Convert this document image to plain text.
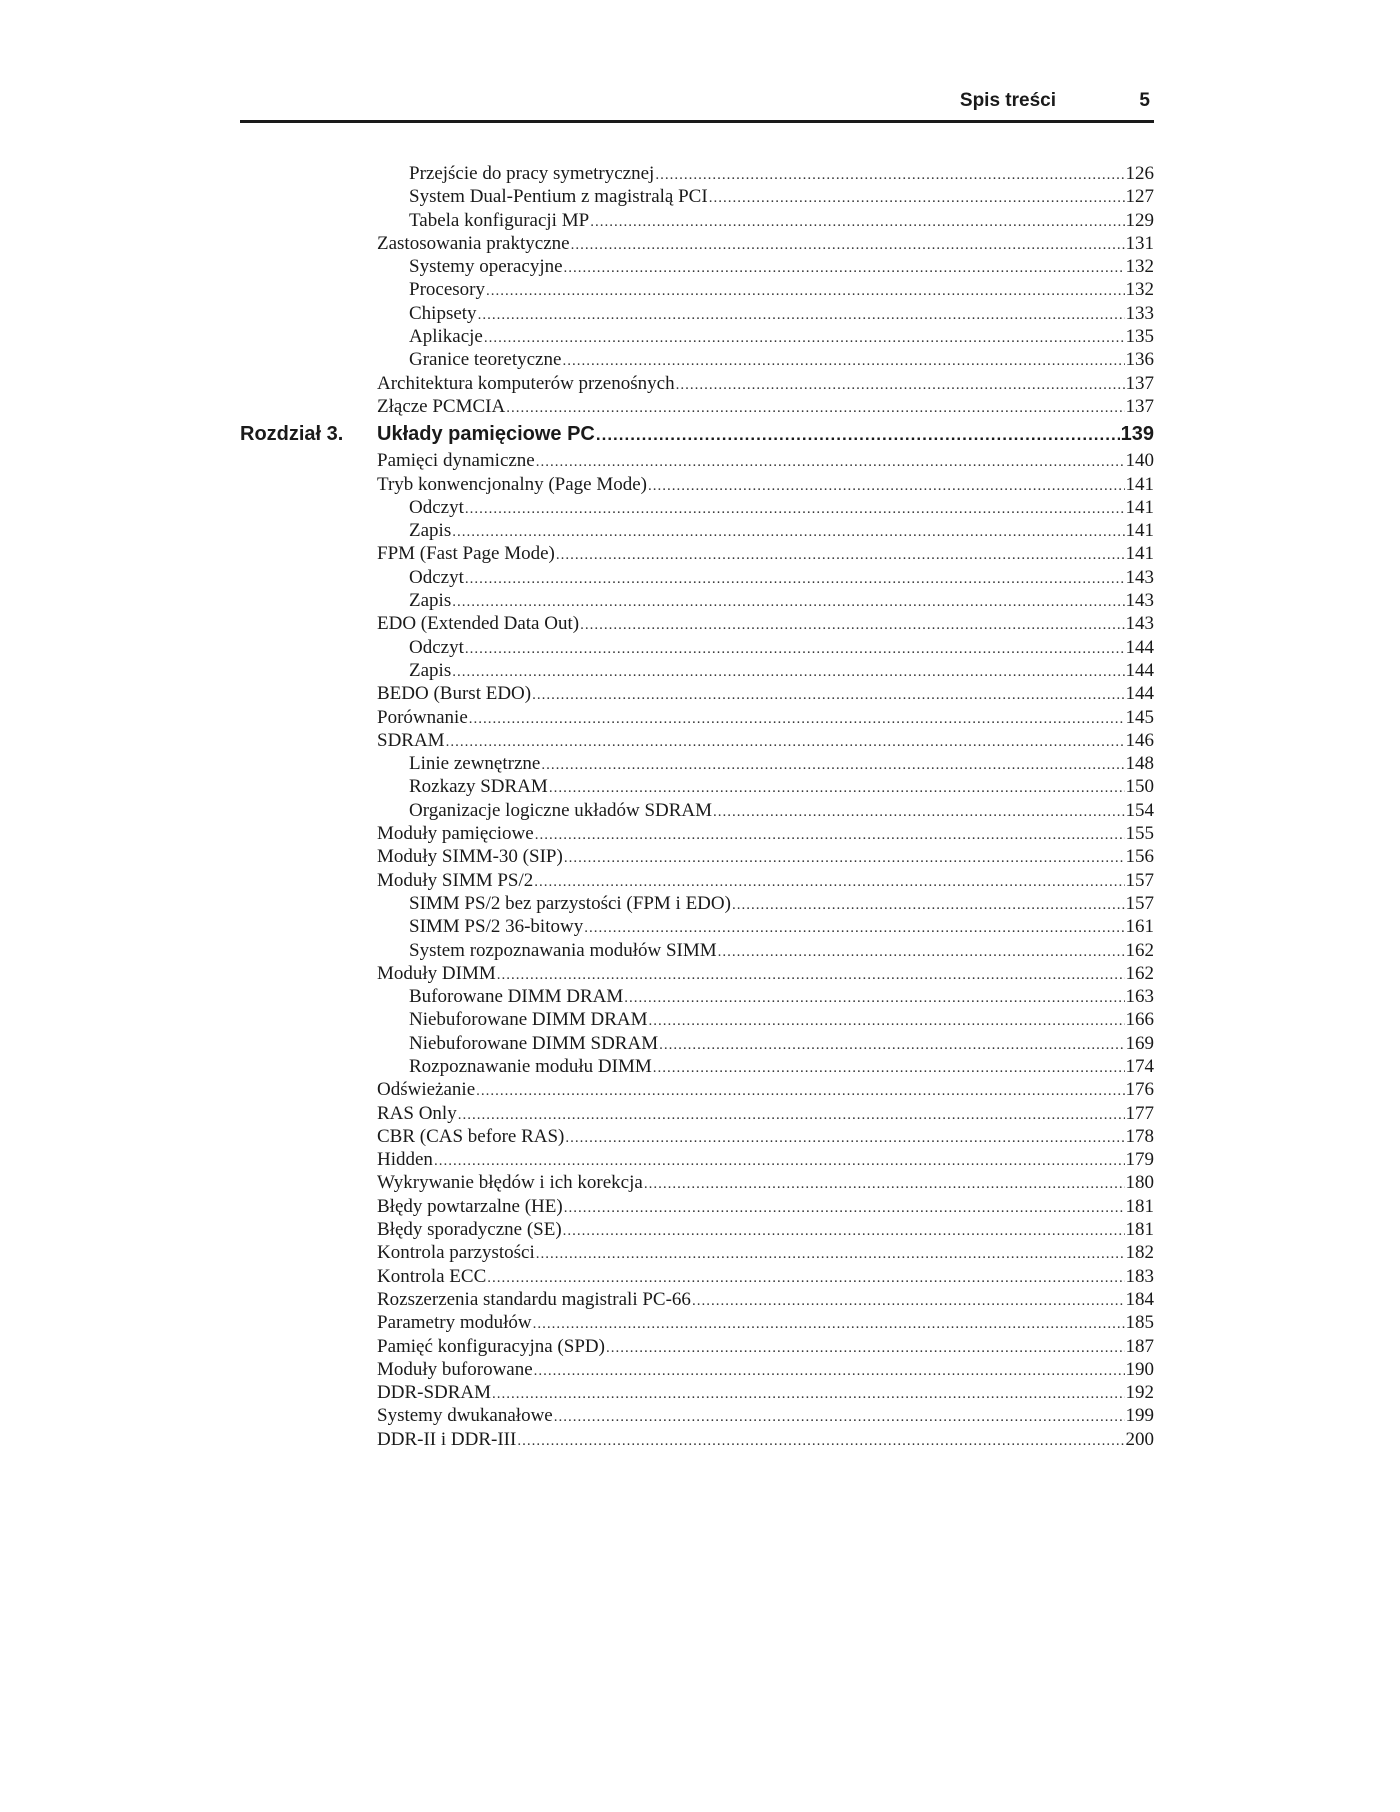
Spis treści	5
Przejście do pracy symetrycznej .....	126
System Dual-Pentium z magistralą PCI .....	127
Tabela konfiguracji MP .....	129
Zastosowania praktyczne .....	131
Systemy operacyjne .....	132
Procesory .....	132
Chipsety .....	133
Aplikacje .....	135
Granice teoretyczne .....	136
Architektura komputerów przenośnych .....	137
Złącze PCMCIA .....	137
Rozdział 3.	Układy pamięciowe PC .....	139
Pamięci dynamiczne .....	140
Tryb konwencjonalny (Page Mode) .....	141
Odczyt .....	141
Zapis .....	141
FPM (Fast Page Mode) .....	141
Odczyt .....	143
Zapis .....	143
EDO (Extended Data Out) .....	143
Odczyt .....	144
Zapis .....	144
BEDO (Burst EDO) .....	144
Porównanie .....	145
SDRAM .....	146
Linie zewnętrzne .....	148
Rozkazy SDRAM .....	150
Organizacje logiczne układów SDRAM .....	154
Moduły pamięciowe .....	155
Moduły SIMM-30 (SIP) .....	156
Moduły SIMM PS/2 .....	157
SIMM PS/2 bez parzystości (FPM i EDO) .....	157
SIMM PS/2 36-bitowy .....	161
System rozpoznawania modułów SIMM .....	162
Moduły DIMM .....	162
Buforowane DIMM DRAM .....	163
Niebuforowane DIMM DRAM .....	166
Niebuforowane DIMM SDRAM .....	169
Rozpoznawanie modułu DIMM .....	174
Odświeżanie .....	176
RAS Only .....	177
CBR (CAS before RAS) .....	178
Hidden .....	179
Wykrywanie błędów i ich korekcja .....	180
Błędy powtarzalne (HE) .....	181
Błędy sporadyczne (SE) .....	181
Kontrola parzystości .....	182
Kontrola ECC .....	183
Rozszerzenia standardu magistrali PC-66 .....	184
Parametry modułów .....	185
Pamięć konfiguracyjna (SPD) .....	187
Moduły buforowane .....	190
DDR-SDRAM .....	192
Systemy dwukanałowe .....	199
DDR-II i DDR-III .....	200
